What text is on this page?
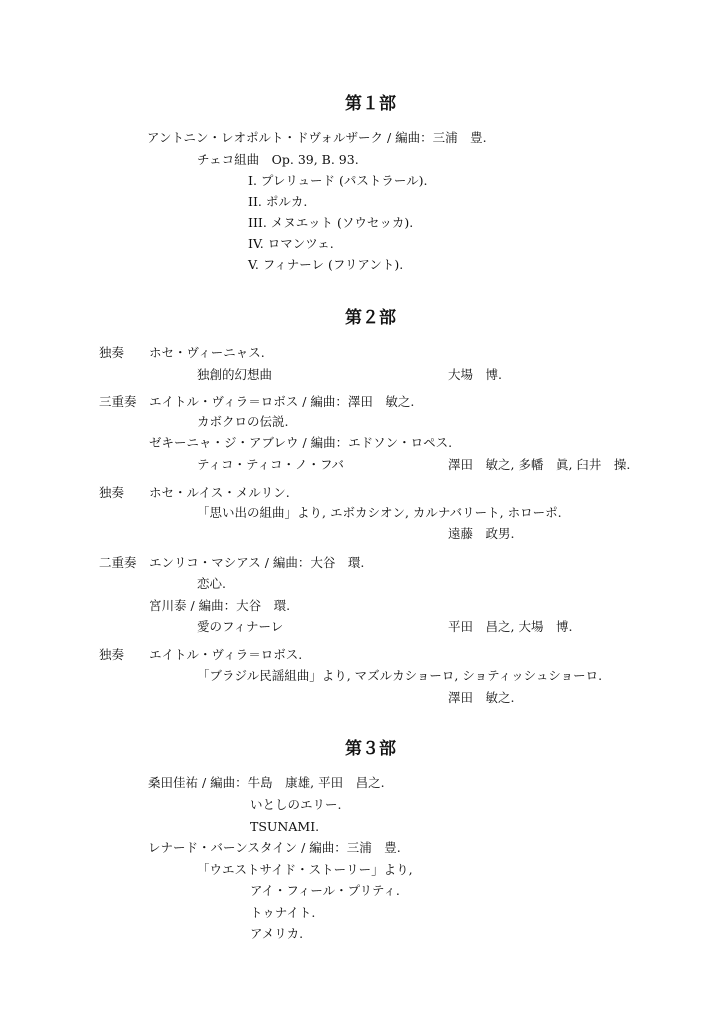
第１部
アントニン・レオポルト・ドヴォルザーク / 編曲：三浦　豊.
チェコ組曲　Op. 39, B. 93.
I. プレリュード (パストラール).
II. ポルカ.
III. メヌエット (ソウセッカ).
IV. ロマンツェ.
V. フィナーレ (フリアント).
第２部
独奏 ホセ・ヴィーニャス.
独創的幻想曲	大場　博.
三重奏 エイトル・ヴィラ＝ロボス / 編曲：澤田　敏之.
カボクロの伝説.
ゼキーニャ・ジ・アブレウ / 編曲：エドソン・ロペス.
ティコ・ティコ・ノ・フバ	澤田　敏之, 多幡　眞, 臼井　操.
独奏 ホセ・ルイス・メルリン.
「思い出の組曲」より, エボカシオン, カルナバリート, ホローポ.
遠藤　政男.
二重奏 エンリコ・マシアス / 編曲：大谷　環.
恋心.
宮川泰 / 編曲：大谷　環.
愛のフィナーレ	平田　昌之, 大場　博.
独奏 エイトル・ヴィラ＝ロボス.
「ブラジル民謡組曲」より, マズルカショーロ, ショティッシュショーロ.
澤田　敏之.
第３部
桑田佳祐 / 編曲：牛島　康雄, 平田　昌之.
いとしのエリー.
TSUNAMI.
レナード・バーンスタイン / 編曲：三浦　豊.
「ウエストサイド・ストーリー」より,
アイ・フィール・プリティ.
トゥナイト.
アメリカ.
